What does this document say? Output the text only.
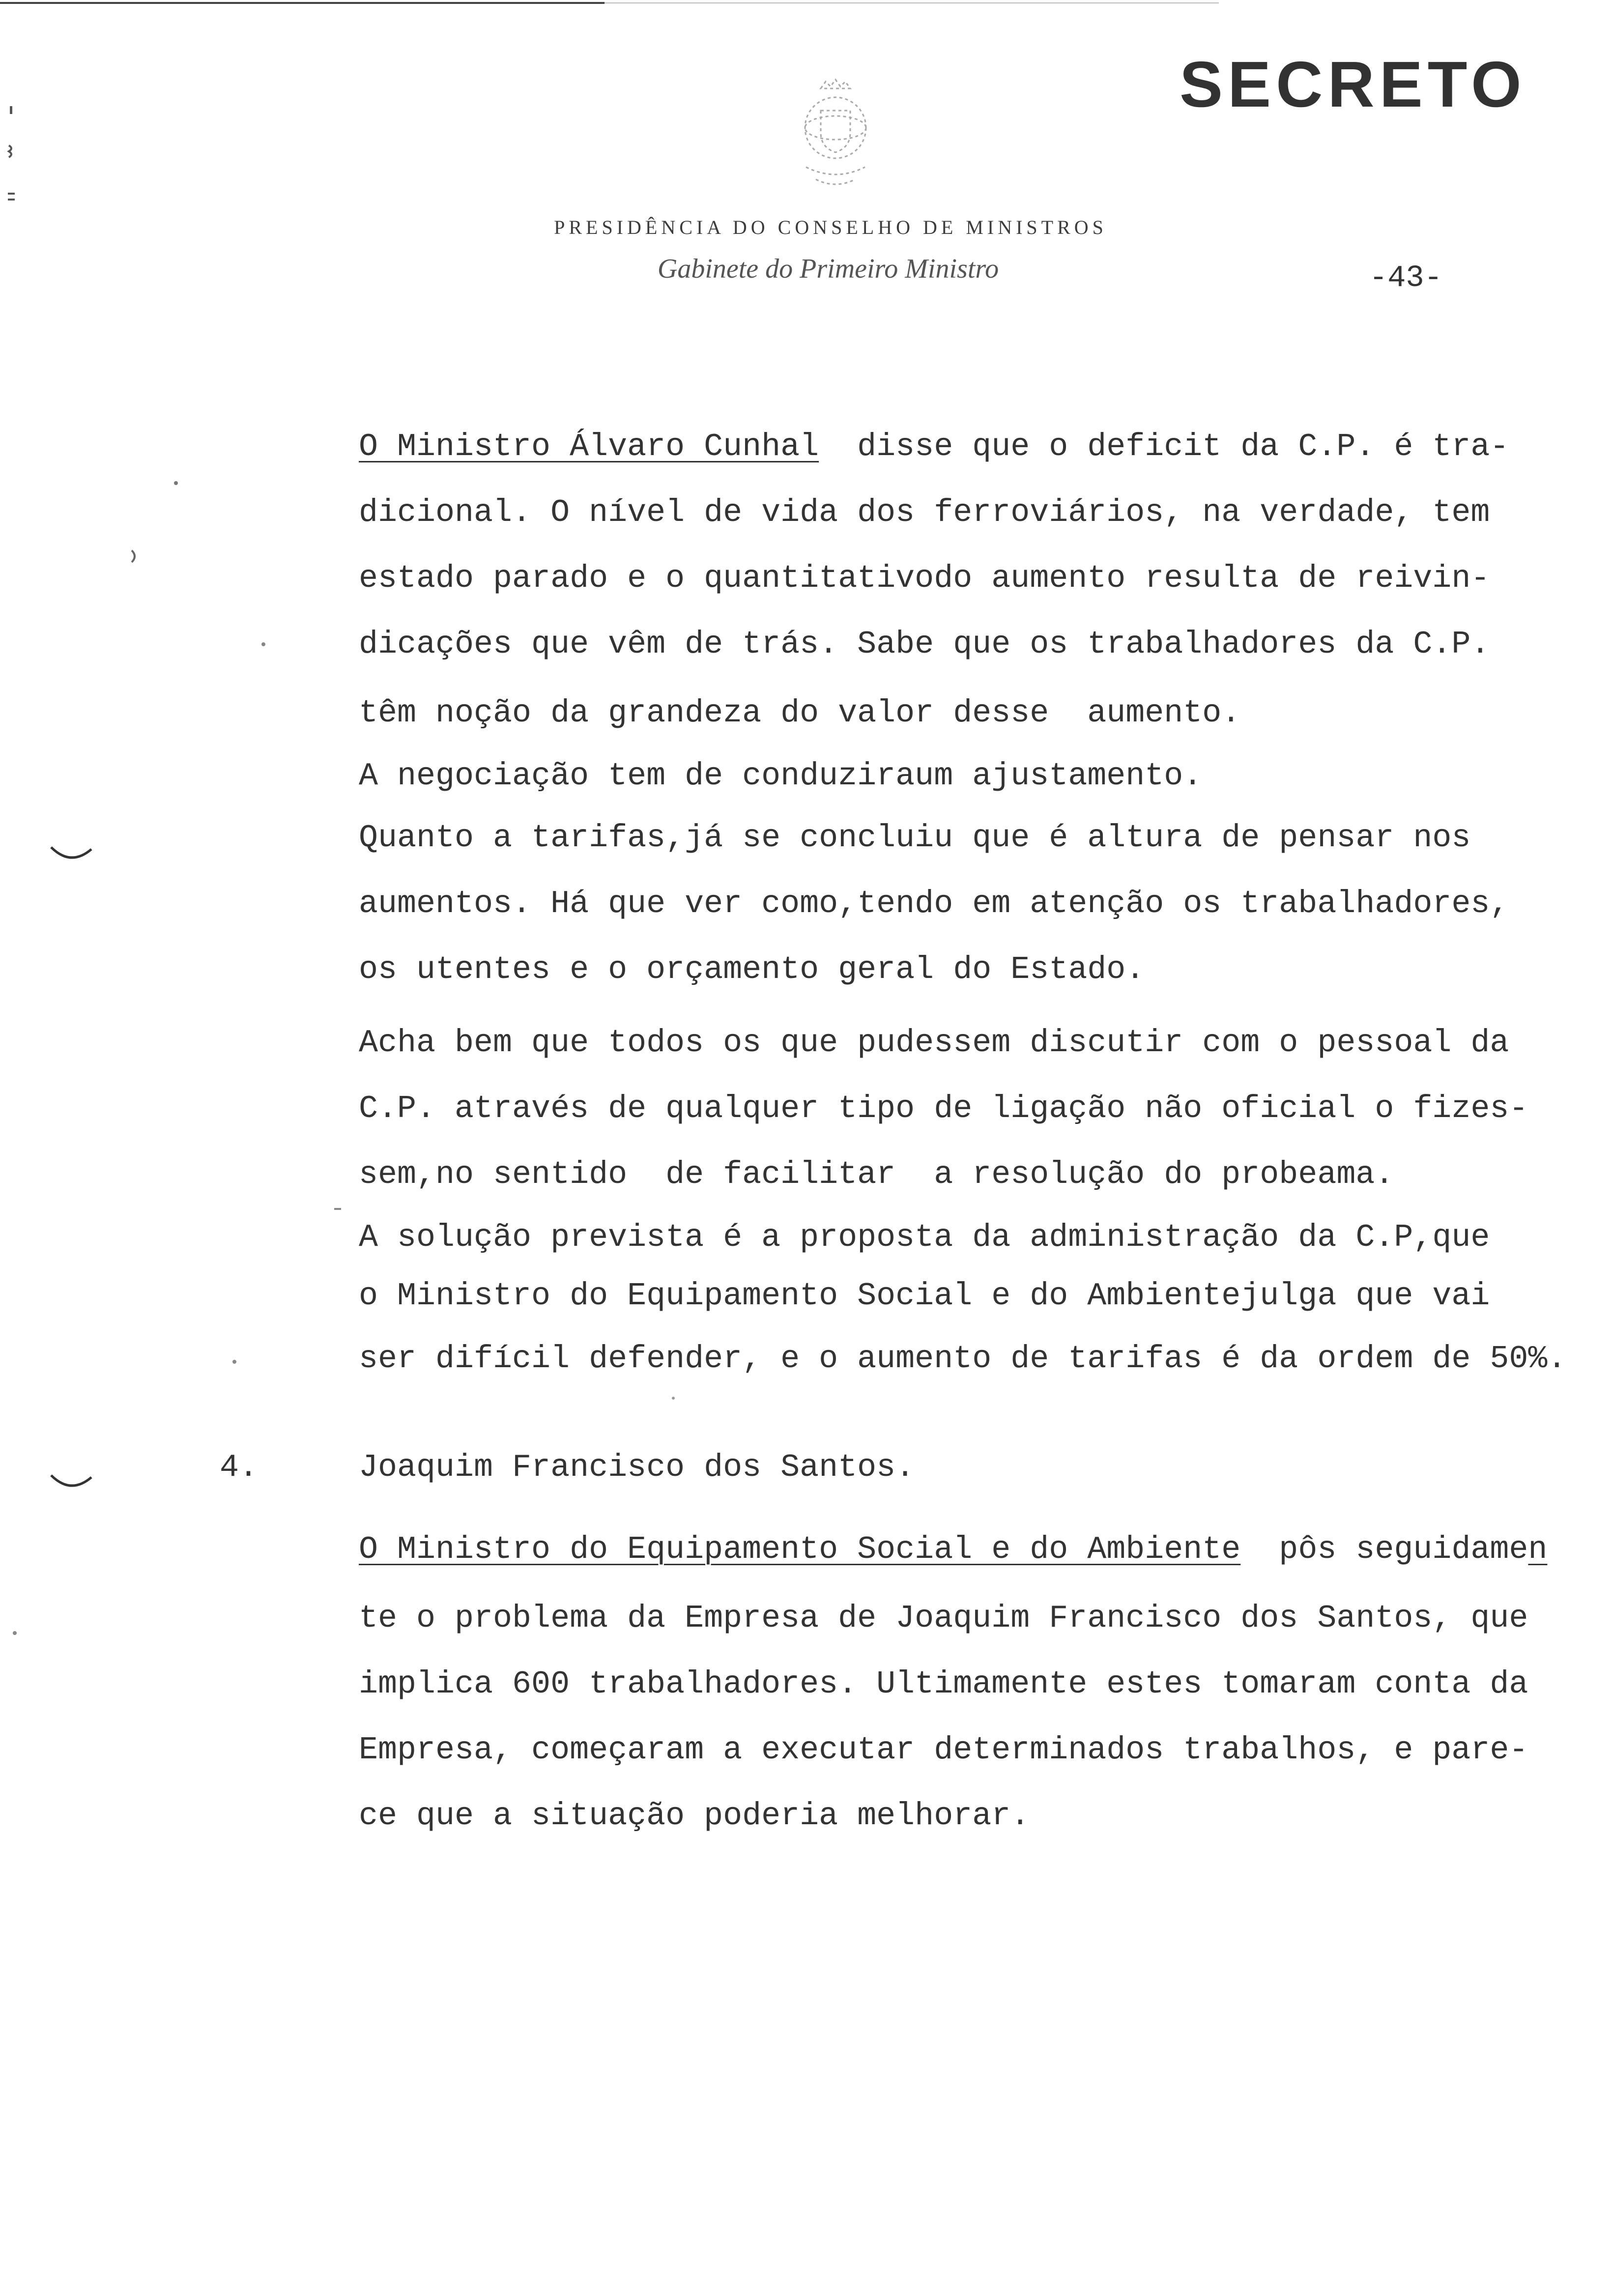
SECRETO
PRESIDÊNCIA DO CONSELHO DE MINISTROS
Gabinete do Primeiro Ministro	-43-
O Ministro Álvaro Cunhal  disse que o deficit da C.P. é tra-
dicional. O nível de vida dos ferroviários, na verdade, tem
estado parado e o quantitativodo aumento resulta de reivin-
dicações que vêm de trás. Sabe que os trabalhadores da C.P.
têm noção da grandeza do valor desse  aumento.
A negociação tem de conduziraum ajustamento.
Quanto a tarifas,já se concluiu que é altura de pensar nos
aumentos. Há que ver como,tendo em atenção os trabalhadores,
os utentes e o orçamento geral do Estado.
Acha bem que todos os que pudessem discutir com o pessoal da
C.P. através de qualquer tipo de ligação não oficial o fizes-
sem,no sentido  de facilitar  a resolução do probeama.
A solução prevista é a proposta da administração da C.P,que
o Ministro do Equipamento Social e do Ambientejulga que vai
ser difícil defender, e o aumento de tarifas é da ordem de 50%.
4.	Joaquim Francisco dos Santos.
O Ministro do Equipamento Social e do Ambiente  pôs seguidamen
te o problema da Empresa de Joaquim Francisco dos Santos, que
implica 600 trabalhadores. Ultimamente estes tomaram conta da
Empresa, começaram a executar determinados trabalhos, e pare-
ce que a situação poderia melhorar.
